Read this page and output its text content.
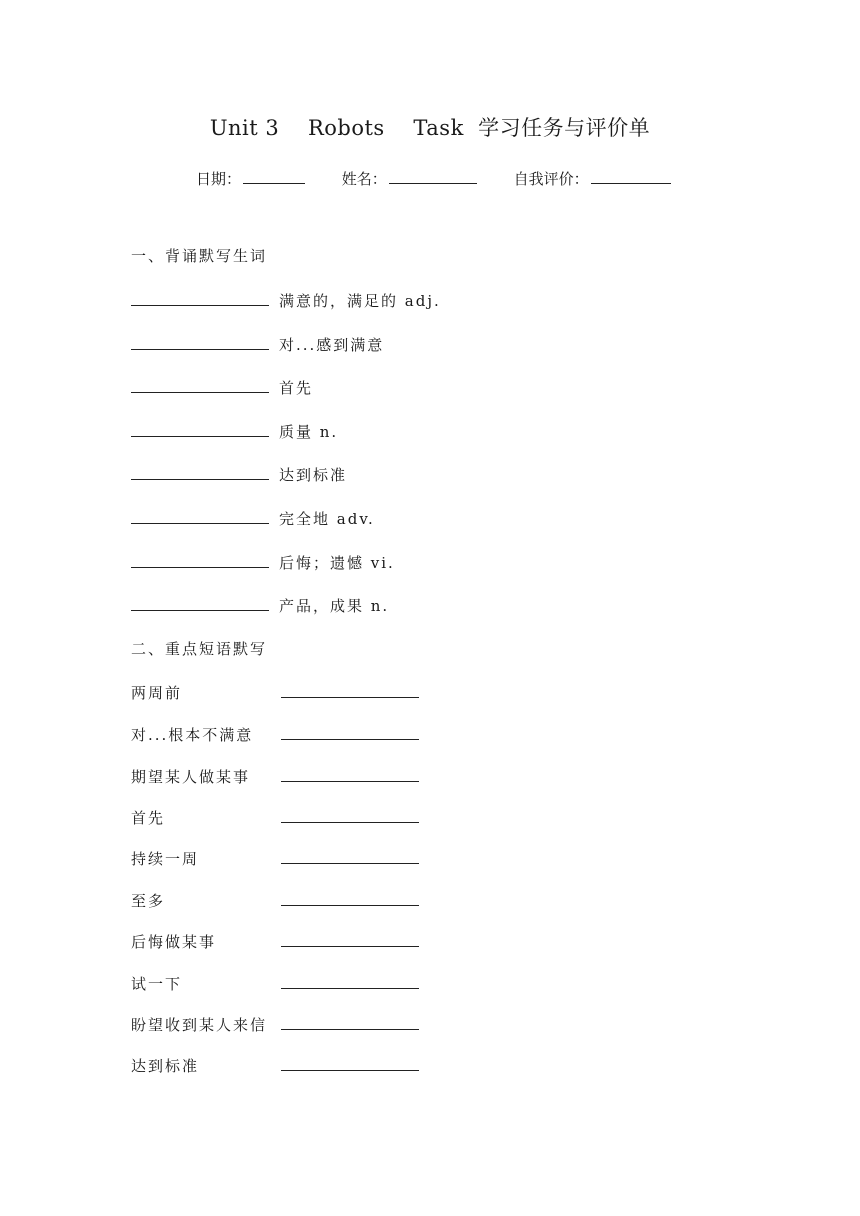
Unit 3    Robots    Task  学习任务与评价单
日期：	姓名：	自我评价：
一、背诵默写生词
满意的，满足的 adj.
对...感到满意
首先
质量 n.
达到标准
完全地 adv.
后悔；遗憾 vi.
产品，成果 n.
二、重点短语默写
两周前
对...根本不满意
期望某人做某事
首先
持续一周
至多
后悔做某事
试一下
盼望收到某人来信
达到标准
